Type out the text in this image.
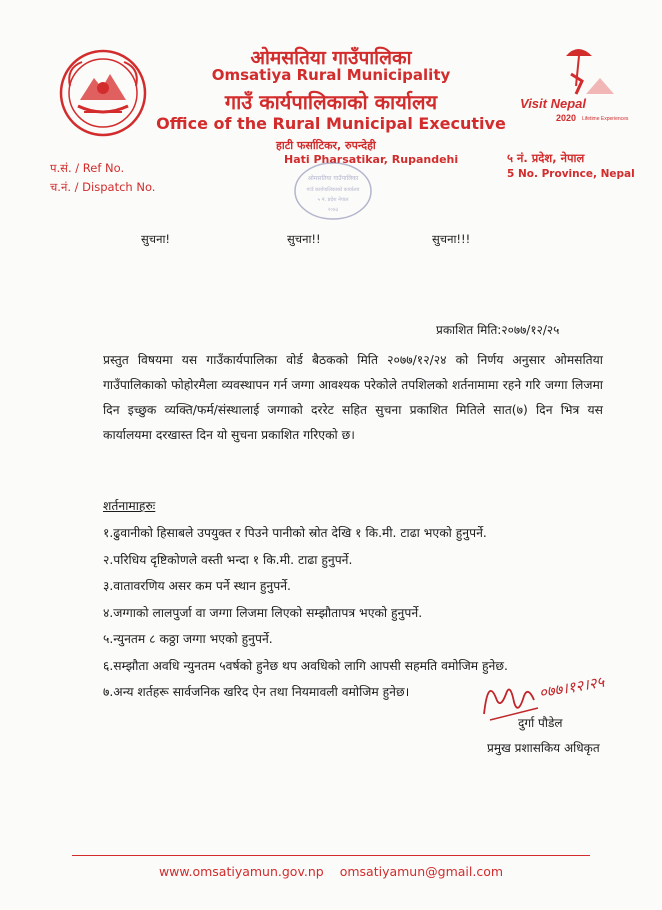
Visit Nepal
2020 Lifetime Experiences
ओमसतिया गाउँपालिका
Omsatiya Rural Municipality
गाउँ कार्यपालिकाको कार्यालय
Office of the Rural Municipal Executive
हाटी फर्साटिकर, रुपन्देही
Hati Pharsatikar, Rupandehi	५ नं. प्रदेश, नेपाल
5 No. Province, Nepal
प.सं. / Ref No.
च.नं. / Dispatch No.
ओमसतिया गाउँपालिका
गाउँ कार्यपालिकाको कार्यालय
५ नं. प्रदेश नेपाल
२०७३
सुचना!	सुचना!!	सुचना!!!
प्रकाशित मिति:२०७७/१२/२५
प्रस्तुत विषयमा यस गाउँकार्यपालिका वोर्ड बैठकको मिति २०७७/१२/२४ को निर्णय अनुसार ओमसतिया गाउँपालिकाको फोहोरमैला व्यवस्थापन गर्न जग्गा आवश्यक परेकोले तपशिलको शर्तनामामा रहने गरि जग्गा लिजमा दिन इच्छुक व्यक्ति/फर्म/संस्थालाई जग्गाको दररेट सहित सुचना प्रकाशित मितिले सात(७) दिन भित्र यस कार्यालयमा दरखास्त दिन यो सुचना प्रकाशित गरिएको छ।
शर्तनामाहरुः
१.ढुवानीको हिसाबले उपयुक्त र पिउने पानीको स्रोत देखि १ कि.मी. टाढा भएको हुनुपर्ने.
२.परिधिय दृष्टिकोणले वस्ती भन्दा १ कि.मी. टाढा हुनुपर्ने.
३.वातावरणिय असर कम पर्ने स्थान हुनुपर्ने.
४.जग्गाको लालपुर्जा वा जग्गा लिजमा लिएको सम्झौतापत्र भएको हुनुपर्ने.
५.न्युनतम ८ कठ्ठा जग्गा भएको हुनुपर्ने.
६.सम्झौता अवधि न्युनतम ५वर्षको हुनेछ थप अवधिको लागि आपसी सहमति वमोजिम हुनेछ.
७.अन्य शर्तहरू सार्वजनिक खरिद ऐन तथा नियमावली वमोजिम हुनेछ।	०७७।१२।२५
दुर्गा पौडेल
प्रमुख प्रशासकिय अधिकृत
www.omsatiyamun.gov.np omsatiyamun@gmail.com
